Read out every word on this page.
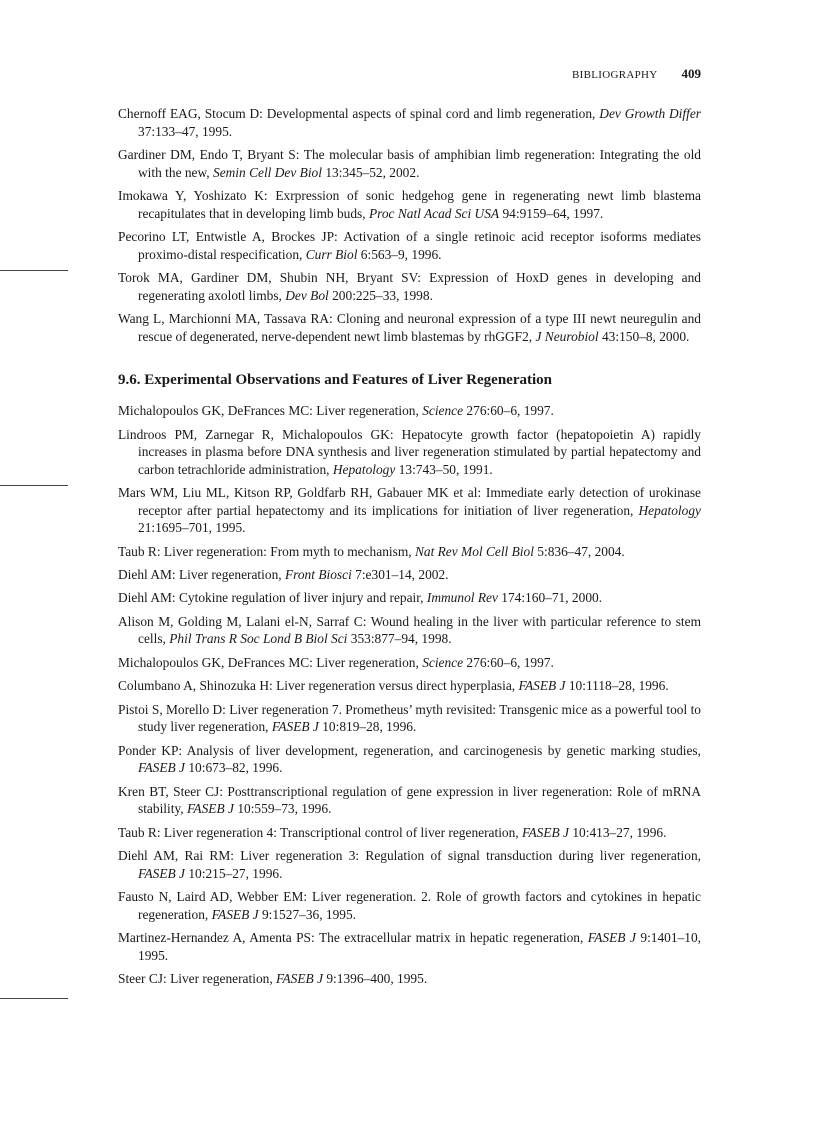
BIBLIOGRAPHY 409

Chernoff EAG, Stocum D: Developmental aspects of spinal cord and limb regeneration, Dev Growth Differ 37:133–47, 1995.

Gardiner DM, Endo T, Bryant S: The molecular basis of amphibian limb regeneration: Integrating the old with the new, Semin Cell Dev Biol 13:345–52, 2002.

Imokawa Y, Yoshizato K: Exrpression of sonic hedgehog gene in regenerating newt limb blastema recapitulates that in developing limb buds, Proc Natl Acad Sci USA 94:9159–64, 1997.

Pecorino LT, Entwistle A, Brockes JP: Activation of a single retinoic acid receptor isoforms mediates proximo-distal respecification, Curr Biol 6:563–9, 1996.

Torok MA, Gardiner DM, Shubin NH, Bryant SV: Expression of HoxD genes in developing and regenerating axolotl limbs, Dev Bol 200:225–33, 1998.

Wang L, Marchionni MA, Tassava RA: Cloning and neuronal expression of a type III newt neuregulin and rescue of degenerated, nerve-dependent newt limb blastemas by rhGGF2, J Neurobiol 43:150–8, 2000.

9.6. Experimental Observations and Features of Liver Regeneration

Michalopoulos GK, DeFrances MC: Liver regeneration, Science 276:60–6, 1997.

Lindroos PM, Zarnegar R, Michalopoulos GK: Hepatocyte growth factor (hepatopoietin A) rapidly increases in plasma before DNA synthesis and liver regeneration stimulated by partial hepatectomy and carbon tetrachloride administration, Hepatology 13:743–50, 1991.

Mars WM, Liu ML, Kitson RP, Goldfarb RH, Gabauer MK et al: Immediate early detection of urokinase receptor after partial hepatectomy and its implications for initiation of liver regeneration, Hepatology 21:1695–701, 1995.

Taub R: Liver regeneration: From myth to mechanism, Nat Rev Mol Cell Biol 5:836–47, 2004.

Diehl AM: Liver regeneration, Front Biosci 7:e301–14, 2002.

Diehl AM: Cytokine regulation of liver injury and repair, Immunol Rev 174:160–71, 2000.

Alison M, Golding M, Lalani el-N, Sarraf C: Wound healing in the liver with particular reference to stem cells, Phil Trans R Soc Lond B Biol Sci 353:877–94, 1998.

Michalopoulos GK, DeFrances MC: Liver regeneration, Science 276:60–6, 1997.

Columbano A, Shinozuka H: Liver regeneration versus direct hyperplasia, FASEB J 10:1118–28, 1996.

Pistoi S, Morello D: Liver regeneration 7. Prometheus’ myth revisited: Transgenic mice as a powerful tool to study liver regeneration, FASEB J 10:819–28, 1996.

Ponder KP: Analysis of liver development, regeneration, and carcinogenesis by genetic marking studies, FASEB J 10:673–82, 1996.

Kren BT, Steer CJ: Posttranscriptional regulation of gene expression in liver regeneration: Role of mRNA stability, FASEB J 10:559–73, 1996.

Taub R: Liver regeneration 4: Transcriptional control of liver regeneration, FASEB J 10:413–27, 1996.

Diehl AM, Rai RM: Liver regeneration 3: Regulation of signal transduction during liver regeneration, FASEB J 10:215–27, 1996.

Fausto N, Laird AD, Webber EM: Liver regeneration. 2. Role of growth factors and cytokines in hepatic regeneration, FASEB J 9:1527–36, 1995.

Martinez-Hernandez A, Amenta PS: The extracellular matrix in hepatic regeneration, FASEB J 9:1401–10, 1995.

Steer CJ: Liver regeneration, FASEB J 9:1396–400, 1995.
